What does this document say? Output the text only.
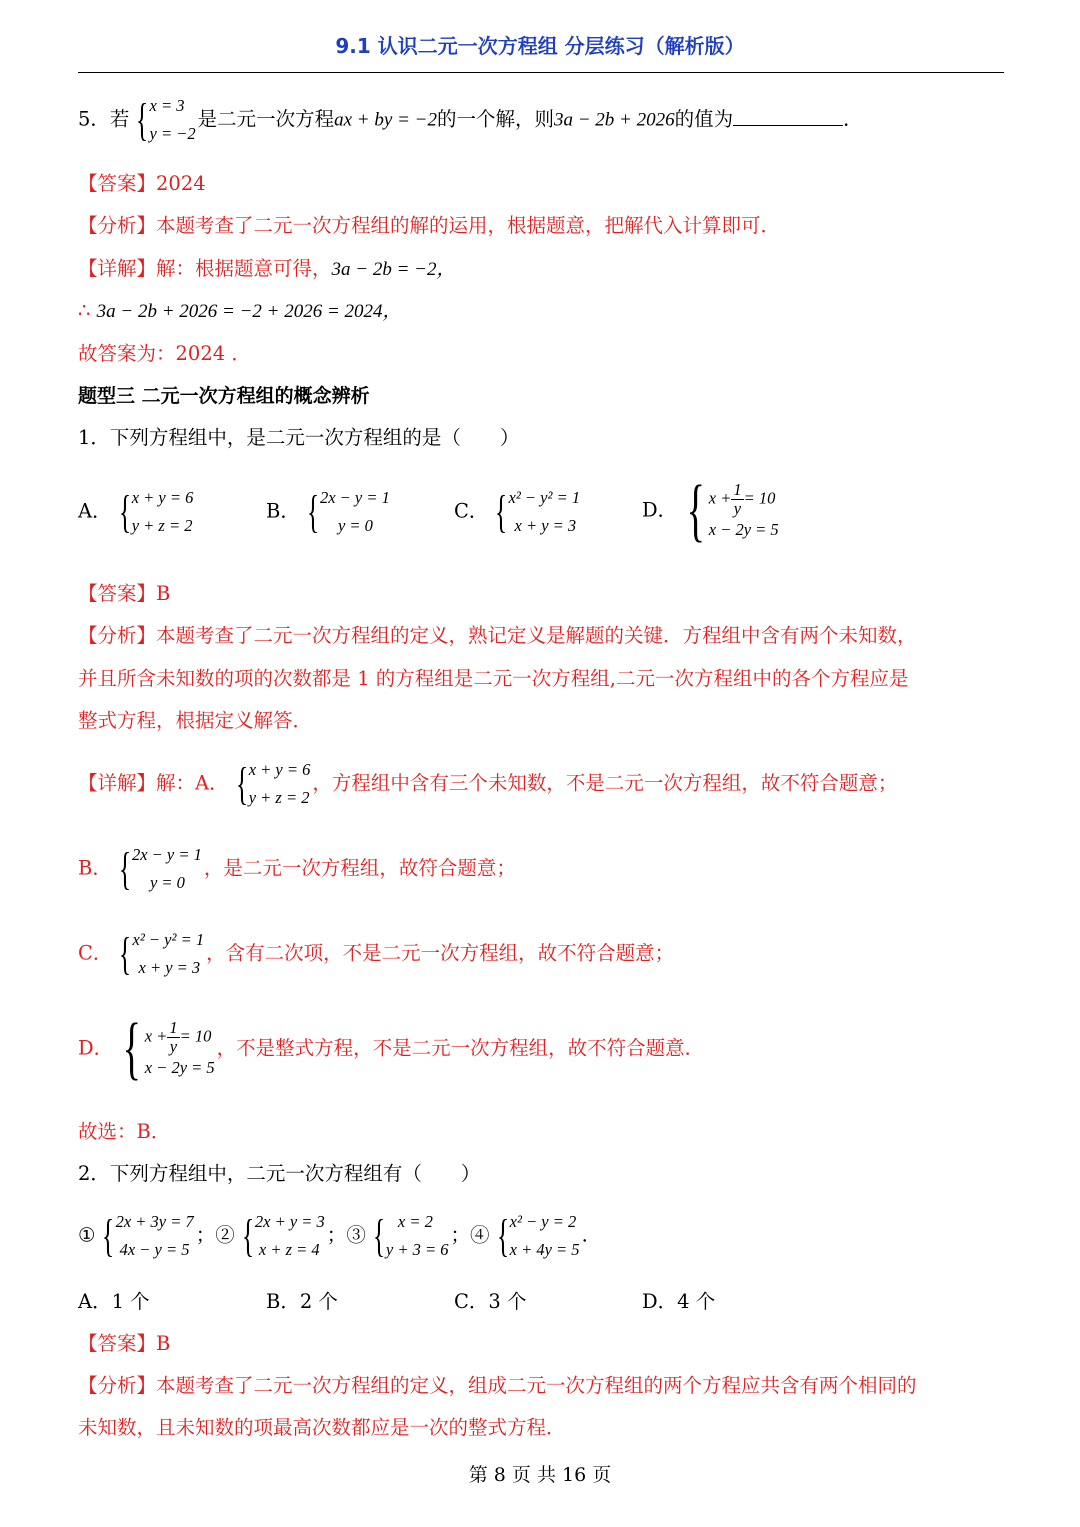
9.1 认识二元一次方程组 分层练习（解析版）
5．若 { x = 3
y = −2
是二元一次方程ax + by = −2的一个解，则3a − 2b + 2026的值为	．
【答案】2024
【分析】本题考查了二元一次方程组的解的运用，根据题意，把解代入计算即可．
【详解】解：根据题意可得，3a − 2b = −2，
∴ 3a − 2b + 2026 = −2 + 2026 = 2024，
故答案为：2024 ．
题型三 二元一次方程组的概念辨析
1．下列方程组中，是二元一次方程组的是（　　）
A． { x + y = 6
y + z = 2
B． { 2x − y = 1
y = 0
C． { x² − y² = 1
x + y = 3
D． { $x + \frac{1}{y} = 10$
x − 2y = 5
【答案】B
【分析】本题考查了二元一次方程组的定义，熟记定义是解题的关键．方程组中含有两个未知数，
并且所含未知数的项的次数都是 1 的方程组是二元一次方程组,二元一次方程组中的各个方程应是
整式方程，根据定义解答．
【详解】解：A． { x + y = 6
y + z = 2
，方程组中含有三个未知数，不是二元一次方程组，故不符合题意；
B． { 2x − y = 1
y = 0
，是二元一次方程组，故符合题意；
C． { x² − y² = 1
x + y = 3
，含有二次项，不是二元一次方程组，故不符合题意；
D． { $x + \frac{1}{y} = 10$
x − 2y = 5
，不是整式方程，不是二元一次方程组，故不符合题意．
故选：B．
2．下列方程组中，二元一次方程组有（　　）
① { 2x + 3y = 7
4x − y = 5
；② { 2x + y = 3
x + z = 4
；③ { x = 2
y + 3 = 6
；④ { x² − y = 2
x + 4y = 5
.
A．1 个	B．2 个	C．3 个	D．4 个
【答案】B
【分析】本题考查了二元一次方程组的定义，组成二元一次方程组的两个方程应共含有两个相同的
未知数，且未知数的项最高次数都应是一次的整式方程．
第 8 页 共 16 页
